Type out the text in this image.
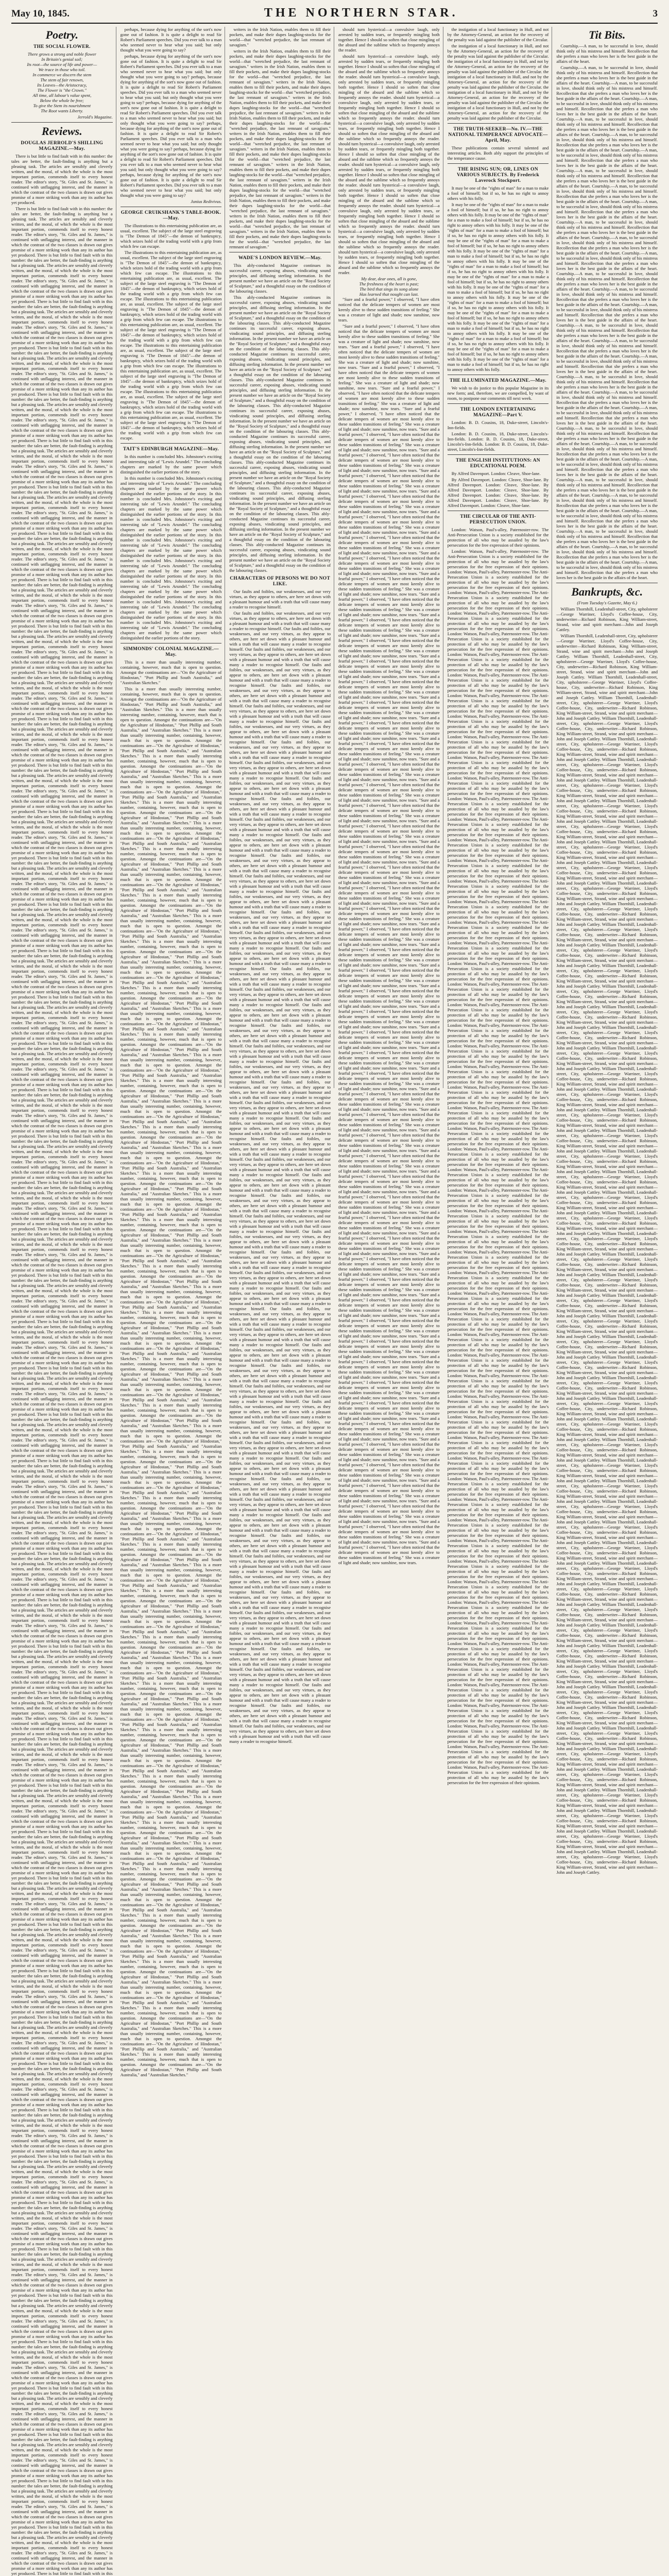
May 10, 1845.	THE NORTHERN STAR.	3
Poetry.
THE SOCIAL FLOWER.
There grows a strong and noble flower
In Britain's genial soil;
Its root—the source of life and power—
We trace in those who toil.
In commerce we discern the stem
The stem of fair renown,
Its Leaves—the Aristocracy,
The Flower is "the Crown."
All time, all labour's value spent,
Below the whole be free;
To give the Stem its nourishment
The Root wants Liberty.
Jerrold's Magazine.
Reviews.
DOUGLAS JERROLD'S SHILLING MAGAZINE.—May.

There is but little to find fault with in this number: the tales are better, the fault-finding is anything but a pleasing task. The articles are sensibly and cleverly written, and the moral, of which the whole is the most important portion, commends itself to every honest reader. The editor's story, "St. Giles and St. James," is continued with unflagging interest, and the manner in which the contrast of the two classes is drawn out gives promise of a more striking work than any its author has yet produced.

There is but little to find fault with in this number: the tales are better, the fault-finding is anything but a pleasing task. The articles are sensibly and cleverly written, and the moral, of which the whole is the most important portion, commends itself to every honest reader. The editor's story, "St. Giles and St. James," is continued with unflagging interest, and the manner in which the contrast of the two classes is drawn out gives promise of a more striking work than any its author has yet produced. There is but little to find fault with in this number: the tales are better, the fault-finding is anything but a pleasing task. The articles are sensibly and cleverly written, and the moral, of which the whole is the most important portion, commends itself to every honest reader. The editor's story, "St. Giles and St. James," is continued with unflagging interest, and the manner in which the contrast of the two classes is drawn out gives promise of a more striking work than any its author has yet produced. There is but little to find fault with in this number: the tales are better, the fault-finding is anything but a pleasing task. The articles are sensibly and cleverly written, and the moral, of which the whole is the most important portion, commends itself to every honest reader. The editor's story, "St. Giles and St. James," is continued with unflagging interest, and the manner in which the contrast of the two classes is drawn out gives promise of a more striking work than any its author has yet produced. There is but little to find fault with in this number: the tales are better, the fault-finding is anything but a pleasing task. The articles are sensibly and cleverly written, and the moral, of which the whole is the most important portion, commends itself to every honest reader. The editor's story, "St. Giles and St. James," is continued with unflagging interest, and the manner in which the contrast of the two classes is drawn out gives promise of a more striking work than any its author has yet produced. There is but little to find fault with in this number: the tales are better, the fault-finding is anything but a pleasing task. The articles are sensibly and cleverly written, and the moral, of which the whole is the most important portion, commends itself to every honest reader. The editor's story, "St. Giles and St. James," is continued with unflagging interest, and the manner in which the contrast of the two classes is drawn out gives promise of a more striking work than any its author has yet produced. There is but little to find fault with in this number: the tales are better, the fault-finding is anything but a pleasing task. The articles are sensibly and cleverly written, and the moral, of which the whole is the most important portion, commends itself to every honest reader. The editor's story, "St. Giles and St. James," is continued with unflagging interest, and the manner in which the contrast of the two classes is drawn out gives promise of a more striking work than any its author has yet produced. There is but little to find fault with in this number: the tales are better, the fault-finding is anything but a pleasing task. The articles are sensibly and cleverly written, and the moral, of which the whole is the most important portion, commends itself to every honest reader. The editor's story, "St. Giles and St. James," is continued with unflagging interest, and the manner in which the contrast of the two classes is drawn out gives promise of a more striking work than any its author has yet produced. There is but little to find fault with in this number: the tales are better, the fault-finding is anything but a pleasing task. The articles are sensibly and cleverly written, and the moral, of which the whole is the most important portion, commends itself to every honest reader. The editor's story, "St. Giles and St. James," is continued with unflagging interest, and the manner in which the contrast of the two classes is drawn out gives promise of a more striking work than any its author has yet produced. There is but little to find fault with in this number: the tales are better, the fault-finding is anything but a pleasing task. The articles are sensibly and cleverly written, and the moral, of which the whole is the most important portion, commends itself to every honest reader. The editor's story, "St. Giles and St. James," is continued with unflagging interest, and the manner in which the contrast of the two classes is drawn out gives promise of a more striking work than any its author has yet produced. There is but little to find fault with in this number: the tales are better, the fault-finding is anything but a pleasing task. The articles are sensibly and cleverly written, and the moral, of which the whole is the most important portion, commends itself to every honest reader. The editor's story, "St. Giles and St. James," is continued with unflagging interest, and the manner in which the contrast of the two classes is drawn out gives promise of a more striking work than any its author has yet produced. There is but little to find fault with in this number: the tales are better, the fault-finding is anything but a pleasing task. The articles are sensibly and cleverly written, and the moral, of which the whole is the most important portion, commends itself to every honest reader. The editor's story, "St. Giles and St. James," is continued with unflagging interest, and the manner in which the contrast of the two classes is drawn out gives promise of a more striking work than any its author has yet produced. There is but little to find fault with in this number: the tales are better, the fault-finding is anything but a pleasing task. The articles are sensibly and cleverly written, and the moral, of which the whole is the most important portion, commends itself to every honest reader. The editor's story, "St. Giles and St. James," is continued with unflagging interest, and the manner in which the contrast of the two classes is drawn out gives promise of a more striking work than any its author has yet produced. There is but little to find fault with in this number: the tales are better, the fault-finding is anything but a pleasing task. The articles are sensibly and cleverly written, and the moral, of which the whole is the most important portion, commends itself to every honest reader. The editor's story, "St. Giles and St. James," is continued with unflagging interest, and the manner in which the contrast of the two classes is drawn out gives promise of a more striking work than any its author has yet produced. There is but little to find fault with in this number: the tales are better, the fault-finding is anything but a pleasing task. The articles are sensibly and cleverly written, and the moral, of which the whole is the most important portion, commends itself to every honest reader. The editor's story, "St. Giles and St. James," is continued with unflagging interest, and the manner in which the contrast of the two classes is drawn out gives promise of a more striking work than any its author has yet produced. There is but little to find fault with in this number: the tales are better, the fault-finding is anything but a pleasing task. The articles are sensibly and cleverly written, and the moral, of which the whole is the most important portion, commends itself to every honest reader. The editor's story, "St. Giles and St. James," is continued with unflagging interest, and the manner in which the contrast of the two classes is drawn out gives promise of a more striking work than any its author has yet produced. There is but little to find fault with in this number: the tales are better, the fault-finding is anything but a pleasing task. The articles are sensibly and cleverly written, and the moral, of which the whole is the most important portion, commends itself to every honest reader. The editor's story, "St. Giles and St. James," is continued with unflagging interest, and the manner in which the contrast of the two classes is drawn out gives promise of a more striking work than any its author has yet produced. There is but little to find fault with in this number: the tales are better, the fault-finding is anything but a pleasing task. The articles are sensibly and cleverly written, and the moral, of which the whole is the most important portion, commends itself to every honest reader. The editor's story, "St. Giles and St. James," is continued with unflagging interest, and the manner in which the contrast of the two classes is drawn out gives promise of a more striking work than any its author has yet produced. There is but little to find fault with in this number: the tales are better, the fault-finding is anything but a pleasing task. The articles are sensibly and cleverly written, and the moral, of which the whole is the most important portion, commends itself to every honest reader. The editor's story, "St. Giles and St. James," is continued with unflagging interest, and the manner in which the contrast of the two classes is drawn out gives promise of a more striking work than any its author has yet produced. There is but little to find fault with in this number: the tales are better, the fault-finding is anything but a pleasing task. The articles are sensibly and cleverly written, and the moral, of which the whole is the most important portion, commends itself to every honest reader. The editor's story, "St. Giles and St. James," is continued with unflagging interest, and the manner in which the contrast of the two classes is drawn out gives promise of a more striking work than any its author has yet produced. There is but little to find fault with in this number: the tales are better, the fault-finding is anything but a pleasing task. The articles are sensibly and cleverly written, and the moral, of which the whole is the most important portion, commends itself to every honest reader. The editor's story, "St. Giles and St. James," is continued with unflagging interest, and the manner in which the contrast of the two classes is drawn out gives promise of a more striking work than any its author has yet produced. There is but little to find fault with in this number: the tales are better, the fault-finding is anything but a pleasing task. The articles are sensibly and cleverly written, and the moral, of which the whole is the most important portion, commends itself to every honest reader. The editor's story, "St. Giles and St. James," is continued with unflagging interest, and the manner in which the contrast of the two classes is drawn out gives promise of a more striking work than any its author has yet produced. There is but little to find fault with in this number: the tales are better, the fault-finding is anything but a pleasing task. The articles are sensibly and cleverly written, and the moral, of which the whole is the most important portion, commends itself to every honest reader. The editor's story, "St. Giles and St. James," is continued with unflagging interest, and the manner in which the contrast of the two classes is drawn out gives promise of a more striking work than any its author has yet produced. There is but little to find fault with in this number: the tales are better, the fault-finding is anything but a pleasing task. The articles are sensibly and cleverly written, and the moral, of which the whole is the most important portion, commends itself to every honest reader. The editor's story, "St. Giles and St. James," is continued with unflagging interest, and the manner in which the contrast of the two classes is drawn out gives promise of a more striking work than any its author has yet produced. There is but little to find fault with in this number: the tales are better, the fault-finding is anything but a pleasing task. The articles are sensibly and cleverly written, and the moral, of which the whole is the most important portion, commends itself to every honest reader. The editor's story, "St. Giles and St. James," is continued with unflagging interest, and the manner in which the contrast of the two classes is drawn out gives promise of a more striking work than any its author has yet produced. There is but little to find fault with in this number: the tales are better, the fault-finding is anything but a pleasing task. The articles are sensibly and cleverly written, and the moral, of which the whole is the most important portion, commends itself to every honest reader. The editor's story, "St. Giles and St. James," is continued with unflagging interest, and the manner in which the contrast of the two classes is drawn out gives promise of a more striking work than any its author has yet produced. There is but little to find fault with in this number: the tales are better, the fault-finding is anything but a pleasing task. The articles are sensibly and cleverly written, and the moral, of which the whole is the most important portion, commends itself to every honest reader. The editor's story, "St. Giles and St. James," is continued with unflagging interest, and the manner in which the contrast of the two classes is drawn out gives promise of a more striking work than any its author has yet produced. There is but little to find fault with in this number: the tales are better, the fault-finding is anything but a pleasing task. The articles are sensibly and cleverly written, and the moral, of which the whole is the most important portion, commends itself to every honest reader. The editor's story, "St. Giles and St. James," is continued with unflagging interest, and the manner in which the contrast of the two classes is drawn out gives promise of a more striking work than any its author has yet produced. There is but little to find fault with in this number: the tales are better, the fault-finding is anything but a pleasing task. The articles are sensibly and cleverly written, and the moral, of which the whole is the most important portion, commends itself to every honest reader. The editor's story, "St. Giles and St. James," is continued with unflagging interest, and the manner in which the contrast of the two classes is drawn out gives promise of a more striking work than any its author has yet produced. There is but little to find fault with in this number: the tales are better, the fault-finding is anything but a pleasing task. The articles are sensibly and cleverly written, and the moral, of which the whole is the most important portion, commends itself to every honest reader. The editor's story, "St. Giles and St. James," is continued with unflagging interest, and the manner in which the contrast of the two classes is drawn out gives promise of a more striking work than any its author has yet produced. There is but little to find fault with in this number: the tales are better, the fault-finding is anything but a pleasing task. The articles are sensibly and cleverly written, and the moral, of which the whole is the most important portion, commends itself to every honest reader. The editor's story, "St. Giles and St. James," is continued with unflagging interest, and the manner in which the contrast of the two classes is drawn out gives promise of a more striking work than any its author has yet produced. There is but little to find fault with in this number: the tales are better, the fault-finding is anything but a pleasing task. The articles are sensibly and cleverly written, and the moral, of which the whole is the most important portion, commends itself to every honest reader. The editor's story, "St. Giles and St. James," is continued with unflagging interest, and the manner in which the contrast of the two classes is drawn out gives promise of a more striking work than any its author has yet produced. There is but little to find fault with in this number: the tales are better, the fault-finding is anything but a pleasing task. The articles are sensibly and cleverly written, and the moral, of which the whole is the most important portion, commends itself to every honest reader. The editor's story, "St. Giles and St. James," is continued with unflagging interest, and the manner in which the contrast of the two classes is drawn out gives promise of a more striking work than any its author has yet produced. There is but little to find fault with in this number: the tales are better, the fault-finding is anything but a pleasing task. The articles are sensibly and cleverly written, and the moral, of which the whole is the most important portion, commends itself to every honest reader. The editor's story, "St. Giles and St. James," is continued with unflagging interest, and the manner in which the contrast of the two classes is drawn out gives promise of a more striking work than any its author has yet produced. There is but little to find fault with in this number: the tales are better, the fault-finding is anything but a pleasing task. The articles are sensibly and cleverly written, and the moral, of which the whole is the most important portion, commends itself to every honest reader. The editor's story, "St. Giles and St. James," is continued with unflagging interest, and the manner in which the contrast of the two classes is drawn out gives promise of a more striking work than any its author has yet produced. There is but little to find fault with in this number: the tales are better, the fault-finding is anything but a pleasing task. The articles are sensibly and cleverly written, and the moral, of which the whole is the most important portion, commends itself to every honest reader. The editor's story, "St. Giles and St. James," is continued with unflagging interest, and the manner in which the contrast of the two classes is drawn out gives promise of a more striking work than any its author has yet produced. There is but little to find fault with in this number: the tales are better, the fault-finding is anything but a pleasing task. The articles are sensibly and cleverly written, and the moral, of which the whole is the most important portion, commends itself to every honest reader. The editor's story, "St. Giles and St. James," is continued with unflagging interest, and the manner in which the contrast of the two classes is drawn out gives promise of a more striking work than any its author has yet produced. There is but little to find fault with in this number: the tales are better, the fault-finding is anything but a pleasing task. The articles are sensibly and cleverly written, and the moral, of which the whole is the most important portion, commends itself to every honest reader. The editor's story, "St. Giles and St. James," is continued with unflagging interest, and the manner in which the contrast of the two classes is drawn out gives promise of a more striking work than any its author has yet produced. There is but little to find fault with in this number: the tales are better, the fault-finding is anything but a pleasing task. The articles are sensibly and cleverly written, and the moral, of which the whole is the most important portion, commends itself to every honest reader. The editor's story, "St. Giles and St. James," is continued with unflagging interest, and the manner in which the contrast of the two classes is drawn out gives promise of a more striking work than any its author has yet produced. There is but little to find fault with in this number: the tales are better, the fault-finding is anything but a pleasing task. The articles are sensibly and cleverly written, and the moral, of which the whole is the most important portion, commends itself to every honest reader. The editor's story, "St. Giles and St. James," is continued with unflagging interest, and the manner in which the contrast of the two classes is drawn out gives promise of a more striking work than any its author has yet produced. There is but little to find fault with in this number: the tales are better, the fault-finding is anything but a pleasing task. The articles are sensibly and cleverly written, and the moral, of which the whole is the most important portion, commends itself to every honest reader. The editor's story, "St. Giles and St. James," is continued with unflagging interest, and the manner in which the contrast of the two classes is drawn out gives promise of a more striking work than any its author has yet produced. There is but little to find fault with in this number: the tales are better, the fault-finding is anything but a pleasing task. The articles are sensibly and cleverly written, and the moral, of which the whole is the most important portion, commends itself to every honest reader. The editor's story, "St. Giles and St. James," is continued with unflagging interest, and the manner in which the contrast of the two classes is drawn out gives promise of a more striking work than any its author has yet produced. There is but little to find fault with in this number: the tales are better, the fault-finding is anything but a pleasing task. The articles are sensibly and cleverly written, and the moral, of which the whole is the most important portion, commends itself to every honest reader. The editor's story, "St. Giles and St. James," is continued with unflagging interest, and the manner in which the contrast of the two classes is drawn out gives promise of a more striking work than any its author has yet produced. There is but little to find fault with in this number: the tales are better, the fault-finding is anything but a pleasing task. The articles are sensibly and cleverly written, and the moral, of which the whole is the most important portion, commends itself to every honest reader. The editor's story, "St. Giles and St. James," is continued with unflagging interest, and the manner in which the contrast of the two classes is drawn out gives promise of a more striking work than any its author has yet produced. There is but little to find fault with in this number: the tales are better, the fault-finding is anything but a pleasing task. The articles are sensibly and cleverly written, and the moral, of which the whole is the most important portion, commends itself to every honest reader. The editor's story, "St. Giles and St. James," is continued with unflagging interest, and the manner in which the contrast of the two classes is drawn out gives promise of a more striking work than any its author has yet produced. There is but little to find fault with in this number: the tales are better, the fault-finding is anything but a pleasing task. The articles are sensibly and cleverly written, and the moral, of which the whole is the most important portion, commends itself to every honest reader. The editor's story, "St. Giles and St. James," is continued with unflagging interest, and the manner in which the contrast of the two classes is drawn out gives promise of a more striking work than any its author has yet produced. There is but little to find fault with in this number: the tales are better, the fault-finding is anything but a pleasing task. The articles are sensibly and cleverly written, and the moral, of which the whole is the most important portion, commends itself to every honest reader. The editor's story, "St. Giles and St. James," is continued with unflagging interest, and the manner in which the contrast of the two classes is drawn out gives promise of a more striking work than any its author has yet produced. There is but little to find fault with in this number: the tales are better, the fault-finding is anything but a pleasing task. The articles are sensibly and cleverly written, and the moral, of which the whole is the most important portion, commends itself to every honest reader. The editor's story, "St. Giles and St. James," is continued with unflagging interest, and the manner in which the contrast of the two classes is drawn out gives promise of a more striking work than any its author has yet produced. There is but little to find fault with in this number: the tales are better, the fault-finding is anything but a pleasing task. The articles are sensibly and cleverly written, and the moral, of which the whole is the most important portion, commends itself to every honest reader. The editor's story, "St. Giles and St. James," is continued with unflagging interest, and the manner in which the contrast of the two classes is drawn out gives promise of a more striking work than any its author has yet produced. There is but little to find fault with in this number: the tales are better, the fault-finding is anything but a pleasing task. The articles are sensibly and cleverly written, and the moral, of which the whole is the most important portion, commends itself to every honest reader. The editor's story, "St. Giles and St. James," is continued with unflagging interest, and the manner in which the contrast of the two classes is drawn out gives promise of a more striking work than any its author has yet produced. There is but little to find fault with in this number: the tales are better, the fault-finding is anything but a pleasing task. The articles are sensibly and cleverly written, and the moral, of which the whole is the most important portion, commends itself to every honest reader. The editor's story, "St. Giles and St. James," is continued with unflagging interest, and the manner in which the contrast of the two classes is drawn out gives promise of a more striking work than any its author has yet produced. There is but little to find fault with in this number: the tales are better, the fault-finding is anything but a pleasing task. The articles are sensibly and cleverly written, and the moral, of which the whole is the most important portion, commends itself to every honest reader. The editor's story, "St. Giles and St. James," is continued with unflagging interest, and the manner in which the contrast of the two classes is drawn out gives promise of a more striking work than any its author has yet produced. There is but little to find fault with in this

perhaps, because dying for anything of the sort's now gone out of fashion. It is quite a delight to read Sir Robert's Parliament speeches. Did you ever talk to a man who seemed never to hear what you said; but only thought what you were going to say?

perhaps, because dying for anything of the sort's now gone out of fashion. It is quite a delight to read Sir Robert's Parliament speeches. Did you ever talk to a man who seemed never to hear what you said; but only thought what you were going to say? perhaps, because dying for anything of the sort's now gone out of fashion. It is quite a delight to read Sir Robert's Parliament speeches. Did you ever talk to a man who seemed never to hear what you said; but only thought what you were going to say? perhaps, because dying for anything of the sort's now gone out of fashion. It is quite a delight to read Sir Robert's Parliament speeches. Did you ever talk to a man who seemed never to hear what you said; but only thought what you were going to say? perhaps, because dying for anything of the sort's now gone out of fashion. It is quite a delight to read Sir Robert's Parliament speeches. Did you ever talk to a man who seemed never to hear what you said; but only thought what you were going to say? perhaps, because dying for anything of the sort's now gone out of fashion. It is quite a delight to read Sir Robert's Parliament speeches. Did you ever talk to a man who seemed never to hear what you said; but only thought what you were going to say? perhaps, because dying for anything of the sort's now gone out of fashion. It is quite a delight to read Sir Robert's Parliament speeches. Did you ever talk to a man who seemed never to hear what you said; but only thought what you were going to say?

Junius Redivivus.
GEORGE CRUIKSHANK'S TABLE-BOOK.—May.

The illustrations to this entertaining publication are, as usual, excellent. The subject of the large steel engraving is "The Demon of 1845"—the demon of bankruptcy, which seizes hold of the trading world with a grip from which few can escape.

The illustrations to this entertaining publication are, as usual, excellent. The subject of the large steel engraving is "The Demon of 1845"—the demon of bankruptcy, which seizes hold of the trading world with a grip from which few can escape. The illustrations to this entertaining publication are, as usual, excellent. The subject of the large steel engraving is "The Demon of 1845"—the demon of bankruptcy, which seizes hold of the trading world with a grip from which few can escape. The illustrations to this entertaining publication are, as usual, excellent. The subject of the large steel engraving is "The Demon of 1845"—the demon of bankruptcy, which seizes hold of the trading world with a grip from which few can escape. The illustrations to this entertaining publication are, as usual, excellent. The subject of the large steel engraving is "The Demon of 1845"—the demon of bankruptcy, which seizes hold of the trading world with a grip from which few can escape. The illustrations to this entertaining publication are, as usual, excellent. The subject of the large steel engraving is "The Demon of 1845"—the demon of bankruptcy, which seizes hold of the trading world with a grip from which few can escape. The illustrations to this entertaining publication are, as usual, excellent. The subject of the large steel engraving is "The Demon of 1845"—the demon of bankruptcy, which seizes hold of the trading world with a grip from which few can escape. The illustrations to this entertaining publication are, as usual, excellent. The subject of the large steel engraving is "The Demon of 1845"—the demon of bankruptcy, which seizes hold of the trading world with a grip from which few can escape. The illustrations to this entertaining publication are, as usual, excellent. The subject of the large steel engraving is "The Demon of 1845"—the demon of bankruptcy, which seizes hold of the trading world with a grip from which few can escape.

TAIT'S EDINBURGH MAGAZINE—May.

In this number is concluded Mrs. Johnstone's exciting and interesting tale of "Lewis Arundel." The concluding chapters are marked by the same power which distinguished the earlier portions of the story.

In this number is concluded Mrs. Johnstone's exciting and interesting tale of "Lewis Arundel." The concluding chapters are marked by the same power which distinguished the earlier portions of the story. In this number is concluded Mrs. Johnstone's exciting and interesting tale of "Lewis Arundel." The concluding chapters are marked by the same power which distinguished the earlier portions of the story. In this number is concluded Mrs. Johnstone's exciting and interesting tale of "Lewis Arundel." The concluding chapters are marked by the same power which distinguished the earlier portions of the story. In this number is concluded Mrs. Johnstone's exciting and interesting tale of "Lewis Arundel." The concluding chapters are marked by the same power which distinguished the earlier portions of the story. In this number is concluded Mrs. Johnstone's exciting and interesting tale of "Lewis Arundel." The concluding chapters are marked by the same power which distinguished the earlier portions of the story. In this number is concluded Mrs. Johnstone's exciting and interesting tale of "Lewis Arundel." The concluding chapters are marked by the same power which distinguished the earlier portions of the story. In this number is concluded Mrs. Johnstone's exciting and interesting tale of "Lewis Arundel." The concluding chapters are marked by the same power which distinguished the earlier portions of the story. In this number is concluded Mrs. Johnstone's exciting and interesting tale of "Lewis Arundel." The concluding chapters are marked by the same power which distinguished the earlier portions of the story.

SIMMONDS' COLONIAL MAGAZINE.—May.

This is a more than usually interesting number, containing, however, much that is open to question. Amongst the continuations are—"On the Agriculture of Hindostan," "Port Phillip and South Australia," and "Australian Sketches."

This is a more than usually interesting number, containing, however, much that is open to question. Amongst the continuations are—"On the Agriculture of Hindostan," "Port Phillip and South Australia," and "Australian Sketches." This is a more than usually interesting number, containing, however, much that is open to question. Amongst the continuations are—"On the Agriculture of Hindostan," "Port Phillip and South Australia," and "Australian Sketches." This is a more than usually interesting number, containing, however, much that is open to question. Amongst the continuations are—"On the Agriculture of Hindostan," "Port Phillip and South Australia," and "Australian Sketches." This is a more than usually interesting number, containing, however, much that is open to question. Amongst the continuations are—"On the Agriculture of Hindostan," "Port Phillip and South Australia," and "Australian Sketches." This is a more than usually interesting number, containing, however, much that is open to question. Amongst the continuations are—"On the Agriculture of Hindostan," "Port Phillip and South Australia," and "Australian Sketches." This is a more than usually interesting number, containing, however, much that is open to question. Amongst the continuations are—"On the Agriculture of Hindostan," "Port Phillip and South Australia," and "Australian Sketches." This is a more than usually interesting number, containing, however, much that is open to question. Amongst the continuations are—"On the Agriculture of Hindostan," "Port Phillip and South Australia," and "Australian Sketches." This is a more than usually interesting number, containing, however, much that is open to question. Amongst the continuations are—"On the Agriculture of Hindostan," "Port Phillip and South Australia," and "Australian Sketches." This is a more than usually interesting number, containing, however, much that is open to question. Amongst the continuations are—"On the Agriculture of Hindostan," "Port Phillip and South Australia," and "Australian Sketches." This is a more than usually interesting number, containing, however, much that is open to question. Amongst the continuations are—"On the Agriculture of Hindostan," "Port Phillip and South Australia," and "Australian Sketches." This is a more than usually interesting number, containing, however, much that is open to question. Amongst the continuations are—"On the Agriculture of Hindostan," "Port Phillip and South Australia," and "Australian Sketches." This is a more than usually interesting number, containing, however, much that is open to question. Amongst the continuations are—"On the Agriculture of Hindostan," "Port Phillip and South Australia," and "Australian Sketches." This is a more than usually interesting number, containing, however, much that is open to question. Amongst the continuations are—"On the Agriculture of Hindostan," "Port Phillip and South Australia," and "Australian Sketches." This is a more than usually interesting number, containing, however, much that is open to question. Amongst the continuations are—"On the Agriculture of Hindostan," "Port Phillip and South Australia," and "Australian Sketches." This is a more than usually interesting number, containing, however, much that is open to question. Amongst the continuations are—"On the Agriculture of Hindostan," "Port Phillip and South Australia," and "Australian Sketches." This is a more than usually interesting number, containing, however, much that is open to question. Amongst the continuations are—"On the Agriculture of Hindostan," "Port Phillip and South Australia," and "Australian Sketches." This is a more than usually interesting number, containing, however, much that is open to question. Amongst the continuations are—"On the Agriculture of Hindostan," "Port Phillip and South Australia," and "Australian Sketches." This is a more than usually interesting number, containing, however, much that is open to question. Amongst the continuations are—"On the Agriculture of Hindostan," "Port Phillip and South Australia," and "Australian Sketches." This is a more than usually interesting number, containing, however, much that is open to question. Amongst the continuations are—"On the Agriculture of Hindostan," "Port Phillip and South Australia," and "Australian Sketches." This is a more than usually interesting number, containing, however, much that is open to question. Amongst the continuations are—"On the Agriculture of Hindostan," "Port Phillip and South Australia," and "Australian Sketches." This is a more than usually interesting number, containing, however, much that is open to question. Amongst the continuations are—"On the Agriculture of Hindostan," "Port Phillip and South Australia," and "Australian Sketches." This is a more than usually interesting number, containing, however, much that is open to question. Amongst the continuations are—"On the Agriculture of Hindostan," "Port Phillip and South Australia," and "Australian Sketches." This is a more than usually interesting number, containing, however, much that is open to question. Amongst the continuations are—"On the Agriculture of Hindostan," "Port Phillip and South Australia," and "Australian Sketches." This is a more than usually interesting number, containing, however, much that is open to question. Amongst the continuations are—"On the Agriculture of Hindostan," "Port Phillip and South Australia," and "Australian Sketches." This is a more than usually interesting number, containing, however, much that is open to question. Amongst the continuations are—"On the Agriculture of Hindostan," "Port Phillip and South Australia," and "Australian Sketches." This is a more than usually interesting number, containing, however, much that is open to question. Amongst the continuations are—"On the Agriculture of Hindostan," "Port Phillip and South Australia," and "Australian Sketches." This is a more than usually interesting number, containing, however, much that is open to question. Amongst the continuations are—"On the Agriculture of Hindostan," "Port Phillip and South Australia," and "Australian Sketches." This is a more than usually interesting number, containing, however, much that is open to question. Amongst the continuations are—"On the Agriculture of Hindostan," "Port Phillip and South Australia," and "Australian Sketches." This is a more than usually interesting number, containing, however, much that is open to question. Amongst the continuations are—"On the Agriculture of Hindostan," "Port Phillip and South Australia," and "Australian Sketches." This is a more than usually interesting number, containing, however, much that is open to question. Amongst the continuations are—"On the Agriculture of Hindostan," "Port Phillip and South Australia," and "Australian Sketches." This is a more than usually interesting number, containing, however, much that is open to question. Amongst the continuations are—"On the Agriculture of Hindostan," "Port Phillip and South Australia," and "Australian Sketches." This is a more than usually interesting number, containing, however, much that is open to question. Amongst the continuations are—"On the Agriculture of Hindostan," "Port Phillip and South Australia," and "Australian Sketches." This is a more than usually interesting number, containing, however, much that is open to question. Amongst the continuations are—"On the Agriculture of Hindostan," "Port Phillip and South Australia," and "Australian Sketches." This is a more than usually interesting number, containing, however, much that is open to question. Amongst the continuations are—"On the Agriculture of Hindostan," "Port Phillip and South Australia," and "Australian Sketches." This is a more than usually interesting number, containing, however, much that is open to question. Amongst the continuations are—"On the Agriculture of Hindostan," "Port Phillip and South Australia," and "Australian Sketches." This is a more than usually interesting number, containing, however, much that is open to question. Amongst the continuations are—"On the Agriculture of Hindostan," "Port Phillip and South Australia," and "Australian Sketches." This is a more than usually interesting number, containing, however, much that is open to question. Amongst the continuations are—"On the Agriculture of Hindostan," "Port Phillip and South Australia," and "Australian Sketches." This is a more than usually interesting number, containing, however, much that is open to question. Amongst the continuations are—"On the Agriculture of Hindostan," "Port Phillip and South Australia," and "Australian Sketches." This is a more than usually interesting number, containing, however, much that is open to question. Amongst the continuations are—"On the Agriculture of Hindostan," "Port Phillip and South Australia," and "Australian Sketches." This is a more than usually interesting number, containing, however, much that is open to question. Amongst the continuations are—"On the Agriculture of Hindostan," "Port Phillip and South Australia," and "Australian Sketches." This is a more than usually interesting number, containing, however, much that is open to question. Amongst the continuations are—"On the Agriculture of Hindostan," "Port Phillip and South Australia," and "Australian Sketches." This is a more than usually interesting number, containing, however, much that is open to question. Amongst the continuations are—"On the Agriculture of Hindostan," "Port Phillip and South Australia," and "Australian Sketches." This is a more than usually interesting number, containing, however, much that is open to question. Amongst the continuations are—"On the Agriculture of Hindostan," "Port Phillip and South Australia," and "Australian Sketches." This is a more than usually interesting number, containing, however, much that is open to question. Amongst the continuations are—"On the Agriculture of Hindostan," "Port Phillip and South Australia," and "Australian Sketches." This is a more than usually interesting number, containing, however, much that is open to question. Amongst the continuations are—"On the Agriculture of Hindostan," "Port Phillip and South Australia," and "Australian Sketches." This is a more than usually interesting number, containing, however, much that is open to question. Amongst the continuations are—"On the Agriculture of Hindostan," "Port Phillip and South Australia," and "Australian Sketches." This is a more than usually interesting number, containing, however, much that is open to question. Amongst the continuations are—"On the Agriculture of Hindostan," "Port Phillip and South Australia," and "Australian Sketches." This is a more than usually interesting number, containing, however, much that is open to question. Amongst the continuations are—"On the Agriculture of Hindostan," "Port Phillip and South Australia," and "Australian Sketches." This is a more than usually interesting number, containing, however, much that is open to question. Amongst the continuations are—"On the Agriculture of Hindostan," "Port Phillip and South Australia," and "Australian Sketches." This is a more than usually interesting number, containing, however, much that is open to question. Amongst the continuations are—"On the Agriculture of Hindostan," "Port Phillip and South Australia," and "Australian Sketches." This is a more than usually interesting number, containing, however, much that is open to question. Amongst the continuations are—"On the Agriculture of Hindostan," "Port Phillip and South Australia," and "Australian Sketches." This is a more than usually interesting number, containing, however, much that is open to question. Amongst the continuations are—"On the Agriculture of Hindostan," "Port Phillip and South Australia," and "Australian Sketches." This is a more than usually interesting number, containing, however, much that is open to question. Amongst the continuations are—"On the Agriculture of Hindostan," "Port Phillip and South Australia," and "Australian Sketches." This is a more than usually interesting number, containing, however, much that is open to question. Amongst the continuations are—"On the Agriculture of Hindostan," "Port Phillip and South Australia," and "Australian Sketches." This is a more than usually interesting number, containing, however, much that is open to question. Amongst the continuations are—"On the Agriculture of Hindostan," "Port Phillip and South Australia," and "Australian Sketches." This is a more than usually interesting number, containing, however, much that is open to question. Amongst the continuations are—"On the Agriculture of Hindostan," "Port Phillip and South Australia," and "Australian Sketches." This is a more than usually interesting number, containing, however, much that is open to question. Amongst the continuations are—"On the Agriculture of Hindostan," "Port Phillip and South Australia," and "Australian Sketches." This is a more than usually interesting number, containing, however, much that is open to question. Amongst the continuations are—"On the Agriculture of Hindostan," "Port Phillip and South Australia," and "Australian Sketches." This is a more than usually interesting number, containing, however, much that is open to question. Amongst the continuations are—"On the Agriculture of Hindostan," "Port Phillip and South Australia," and "Australian Sketches." This is a more than usually interesting number, containing, however, much that is open to question. Amongst the continuations are—"On the Agriculture of Hindostan," "Port Phillip and South Australia," and "Australian Sketches."

writers in the Irish Nation, enables them to fill their pockets, and make their dupes laughing-stocks for the world—that "wretched prejudice, the last remnant of savagism."

writers in the Irish Nation, enables them to fill their pockets, and make their dupes laughing-stocks for the world—that "wretched prejudice, the last remnant of savagism." writers in the Irish Nation, enables them to fill their pockets, and make their dupes laughing-stocks for the world—that "wretched prejudice, the last remnant of savagism." writers in the Irish Nation, enables them to fill their pockets, and make their dupes laughing-stocks for the world—that "wretched prejudice, the last remnant of savagism." writers in the Irish Nation, enables them to fill their pockets, and make their dupes laughing-stocks for the world—that "wretched prejudice, the last remnant of savagism." writers in the Irish Nation, enables them to fill their pockets, and make their dupes laughing-stocks for the world—that "wretched prejudice, the last remnant of savagism." writers in the Irish Nation, enables them to fill their pockets, and make their dupes laughing-stocks for the world—that "wretched prejudice, the last remnant of savagism." writers in the Irish Nation, enables them to fill their pockets, and make their dupes laughing-stocks for the world—that "wretched prejudice, the last remnant of savagism." writers in the Irish Nation, enables them to fill their pockets, and make their dupes laughing-stocks for the world—that "wretched prejudice, the last remnant of savagism." writers in the Irish Nation, enables them to fill their pockets, and make their dupes laughing-stocks for the world—that "wretched prejudice, the last remnant of savagism." writers in the Irish Nation, enables them to fill their pockets, and make their dupes laughing-stocks for the world—that "wretched prejudice, the last remnant of savagism." writers in the Irish Nation, enables them to fill their pockets, and make their dupes laughing-stocks for the world—that "wretched prejudice, the last remnant of savagism." writers in the Irish Nation, enables them to fill their pockets, and make their dupes laughing-stocks for the world—that "wretched prejudice, the last remnant of savagism."

WADE'S LONDON REVIEW.—May.

This ably-conducted Magazine continues its successful career, exposing abuses, vindicating sound principles, and diffusing sterling information. In the present number we have an article on the "Royal Society of Sculpture," and a thoughtful essay on the condition of the labouring classes.

This ably-conducted Magazine continues its successful career, exposing abuses, vindicating sound principles, and diffusing sterling information. In the present number we have an article on the "Royal Society of Sculpture," and a thoughtful essay on the condition of the labouring classes. This ably-conducted Magazine continues its successful career, exposing abuses, vindicating sound principles, and diffusing sterling information. In the present number we have an article on the "Royal Society of Sculpture," and a thoughtful essay on the condition of the labouring classes. This ably-conducted Magazine continues its successful career, exposing abuses, vindicating sound principles, and diffusing sterling information. In the present number we have an article on the "Royal Society of Sculpture," and a thoughtful essay on the condition of the labouring classes. This ably-conducted Magazine continues its successful career, exposing abuses, vindicating sound principles, and diffusing sterling information. In the present number we have an article on the "Royal Society of Sculpture," and a thoughtful essay on the condition of the labouring classes. This ably-conducted Magazine continues its successful career, exposing abuses, vindicating sound principles, and diffusing sterling information. In the present number we have an article on the "Royal Society of Sculpture," and a thoughtful essay on the condition of the labouring classes. This ably-conducted Magazine continues its successful career, exposing abuses, vindicating sound principles, and diffusing sterling information. In the present number we have an article on the "Royal Society of Sculpture," and a thoughtful essay on the condition of the labouring classes. This ably-conducted Magazine continues its successful career, exposing abuses, vindicating sound principles, and diffusing sterling information. In the present number we have an article on the "Royal Society of Sculpture," and a thoughtful essay on the condition of the labouring classes. This ably-conducted Magazine continues its successful career, exposing abuses, vindicating sound principles, and diffusing sterling information. In the present number we have an article on the "Royal Society of Sculpture," and a thoughtful essay on the condition of the labouring classes. This ably-conducted Magazine continues its successful career, exposing abuses, vindicating sound principles, and diffusing sterling information. In the present number we have an article on the "Royal Society of Sculpture," and a thoughtful essay on the condition of the labouring classes. This ably-conducted Magazine continues its successful career, exposing abuses, vindicating sound principles, and diffusing sterling information. In the present number we have an article on the "Royal Society of Sculpture," and a thoughtful essay on the condition of the labouring classes.

CHARACTERS OF PERSONS WE DO NOT LIKE.

Our faults and foibles, our weaknesses, and our very virtues, as they appear to others, are here set down with a pleasant humour and with a truth that will cause many a reader to recognise himself.

Our faults and foibles, our weaknesses, and our very virtues, as they appear to others, are here set down with a pleasant humour and with a truth that will cause many a reader to recognise himself. Our faults and foibles, our weaknesses, and our very virtues, as they appear to others, are here set down with a pleasant humour and with a truth that will cause many a reader to recognise himself. Our faults and foibles, our weaknesses, and our very virtues, as they appear to others, are here set down with a pleasant humour and with a truth that will cause many a reader to recognise himself. Our faults and foibles, our weaknesses, and our very virtues, as they appear to others, are here set down with a pleasant humour and with a truth that will cause many a reader to recognise himself. Our faults and foibles, our weaknesses, and our very virtues, as they appear to others, are here set down with a pleasant humour and with a truth that will cause many a reader to recognise himself. Our faults and foibles, our weaknesses, and our very virtues, as they appear to others, are here set down with a pleasant humour and with a truth that will cause many a reader to recognise himself. Our faults and foibles, our weaknesses, and our very virtues, as they appear to others, are here set down with a pleasant humour and with a truth that will cause many a reader to recognise himself. Our faults and foibles, our weaknesses, and our very virtues, as they appear to others, are here set down with a pleasant humour and with a truth that will cause many a reader to recognise himself. Our faults and foibles, our weaknesses, and our very virtues, as they appear to others, are here set down with a pleasant humour and with a truth that will cause many a reader to recognise himself. Our faults and foibles, our weaknesses, and our very virtues, as they appear to others, are here set down with a pleasant humour and with a truth that will cause many a reader to recognise himself. Our faults and foibles, our weaknesses, and our very virtues, as they appear to others, are here set down with a pleasant humour and with a truth that will cause many a reader to recognise himself. Our faults and foibles, our weaknesses, and our very virtues, as they appear to others, are here set down with a pleasant humour and with a truth that will cause many a reader to recognise himself. Our faults and foibles, our weaknesses, and our very virtues, as they appear to others, are here set down with a pleasant humour and with a truth that will cause many a reader to recognise himself. Our faults and foibles, our weaknesses, and our very virtues, as they appear to others, are here set down with a pleasant humour and with a truth that will cause many a reader to recognise himself. Our faults and foibles, our weaknesses, and our very virtues, as they appear to others, are here set down with a pleasant humour and with a truth that will cause many a reader to recognise himself. Our faults and foibles, our weaknesses, and our very virtues, as they appear to others, are here set down with a pleasant humour and with a truth that will cause many a reader to recognise himself. Our faults and foibles, our weaknesses, and our very virtues, as they appear to others, are here set down with a pleasant humour and with a truth that will cause many a reader to recognise himself. Our faults and foibles, our weaknesses, and our very virtues, as they appear to others, are here set down with a pleasant humour and with a truth that will cause many a reader to recognise himself. Our faults and foibles, our weaknesses, and our very virtues, as they appear to others, are here set down with a pleasant humour and with a truth that will cause many a reader to recognise himself. Our faults and foibles, our weaknesses, and our very virtues, as they appear to others, are here set down with a pleasant humour and with a truth that will cause many a reader to recognise himself. Our faults and foibles, our weaknesses, and our very virtues, as they appear to others, are here set down with a pleasant humour and with a truth that will cause many a reader to recognise himself. Our faults and foibles, our weaknesses, and our very virtues, as they appear to others, are here set down with a pleasant humour and with a truth that will cause many a reader to recognise himself. Our faults and foibles, our weaknesses, and our very virtues, as they appear to others, are here set down with a pleasant humour and with a truth that will cause many a reader to recognise himself. Our faults and foibles, our weaknesses, and our very virtues, as they appear to others, are here set down with a pleasant humour and with a truth that will cause many a reader to recognise himself. Our faults and foibles, our weaknesses, and our very virtues, as they appear to others, are here set down with a pleasant humour and with a truth that will cause many a reader to recognise himself. Our faults and foibles, our weaknesses, and our very virtues, as they appear to others, are here set down with a pleasant humour and with a truth that will cause many a reader to recognise himself. Our faults and foibles, our weaknesses, and our very virtues, as they appear to others, are here set down with a pleasant humour and with a truth that will cause many a reader to recognise himself. Our faults and foibles, our weaknesses, and our very virtues, as they appear to others, are here set down with a pleasant humour and with a truth that will cause many a reader to recognise himself. Our faults and foibles, our weaknesses, and our very virtues, as they appear to others, are here set down with a pleasant humour and with a truth that will cause many a reader to recognise himself. Our faults and foibles, our weaknesses, and our very virtues, as they appear to others, are here set down with a pleasant humour and with a truth that will cause many a reader to recognise himself. Our faults and foibles, our weaknesses, and our very virtues, as they appear to others, are here set down with a pleasant humour and with a truth that will cause many a reader to recognise himself. Our faults and foibles, our weaknesses, and our very virtues, as they appear to others, are here set down with a pleasant humour and with a truth that will cause many a reader to recognise himself. Our faults and foibles, our weaknesses, and our very virtues, as they appear to others, are here set down with a pleasant humour and with a truth that will cause many a reader to recognise himself. Our faults and foibles, our weaknesses, and our very virtues, as they appear to others, are here set down with a pleasant humour and with a truth that will cause many a reader to recognise himself. Our faults and foibles, our weaknesses, and our very virtues, as they appear to others, are here set down with a pleasant humour and with a truth that will cause many a reader to recognise himself. Our faults and foibles, our weaknesses, and our very virtues, as they appear to others, are here set down with a pleasant humour and with a truth that will cause many a reader to recognise himself. Our faults and foibles, our weaknesses, and our very virtues, as they appear to others, are here set down with a pleasant humour and with a truth that will cause many a reader to recognise himself. Our faults and foibles, our weaknesses, and our very virtues, as they appear to others, are here set down with a pleasant humour and with a truth that will cause many a reader to recognise himself. Our faults and foibles, our weaknesses, and our very virtues, as they appear to others, are here set down with a pleasant humour and with a truth that will cause many a reader to recognise himself. Our faults and foibles, our weaknesses, and our very virtues, as they appear to others, are here set down with a pleasant humour and with a truth that will cause many a reader to recognise himself. Our faults and foibles, our weaknesses, and our very virtues, as they appear to others, are here set down with a pleasant humour and with a truth that will cause many a reader to recognise himself. Our faults and foibles, our weaknesses, and our very virtues, as they appear to others, are here set down with a pleasant humour and with a truth that will cause many a reader to recognise himself. Our faults and foibles, our weaknesses, and our very virtues, as they appear to others, are here set down with a pleasant humour and with a truth that will cause many a reader to recognise himself. Our faults and foibles, our weaknesses, and our very virtues, as they appear to others, are here set down with a pleasant humour and with a truth that will cause many a reader to recognise himself. Our faults and foibles, our weaknesses, and our very virtues, as they appear to others, are here set down with a pleasant humour and with a truth that will cause many a reader to recognise himself. Our faults and foibles, our weaknesses, and our very virtues, as they appear to others, are here set down with a pleasant humour and with a truth that will cause many a reader to recognise himself. Our faults and foibles, our weaknesses, and our very virtues, as they appear to others, are here set down with a pleasant humour and with a truth that will cause many a reader to recognise himself. Our faults and foibles, our weaknesses, and our very virtues, as they appear to others, are here set down with a pleasant humour and with a truth that will cause many a reader to recognise himself. Our faults and foibles, our weaknesses, and our very virtues, as they appear to others, are here set down with a pleasant humour and with a truth that will cause many a reader to recognise himself. Our faults and foibles, our weaknesses, and our very virtues, as they appear to others, are here set down with a pleasant humour and with a truth that will cause many a reader to recognise himself. Our faults and foibles, our weaknesses, and our very virtues, as they appear to others, are here set down with a pleasant humour and with a truth that will cause many a reader to recognise himself. Our faults and foibles, our weaknesses, and our very virtues, as they appear to others, are here set down with a pleasant humour and with a truth that will cause many a reader to recognise himself. Our faults and foibles, our weaknesses, and our very virtues, as they appear to others, are here set down with a pleasant humour and with a truth that will cause many a reader to recognise himself. Our faults and foibles, our weaknesses, and our very virtues, as they appear to others, are here set down with a pleasant humour and with a truth that will cause many a reader to recognise himself. Our faults and foibles, our weaknesses, and our very virtues, as they appear to others, are here set down with a pleasant humour and with a truth that will cause many a reader to recognise himself. Our faults and foibles, our weaknesses, and our very virtues, as they appear to others, are here set down with a pleasant humour and with a truth that will cause many a reader to recognise himself. Our faults and foibles, our weaknesses, and our very virtues, as they appear to others, are here set down with a pleasant humour and with a truth that will cause many a reader to recognise himself. Our faults and foibles, our weaknesses, and our very virtues, as they appear to others, are here set down with a pleasant humour and with a truth that will cause many a reader to recognise himself. Our faults and foibles, our weaknesses, and our very virtues, as they appear to others, are here set down with a pleasant humour and with a truth that will cause many a reader to recognise himself. Our faults and foibles, our weaknesses, and our very virtues, as they appear to others, are here set down with a pleasant humour and with a truth that will cause many a reader to recognise himself.

should turn hysterical—a convulsive laugh, only arrested by sudden tears, or frequently mingling both together. Hence I should so soften that close mingling of the absurd and the sublime which so frequently annoys the reader.

should turn hysterical—a convulsive laugh, only arrested by sudden tears, or frequently mingling both together. Hence I should so soften that close mingling of the absurd and the sublime which so frequently annoys the reader. should turn hysterical—a convulsive laugh, only arrested by sudden tears, or frequently mingling both together. Hence I should so soften that close mingling of the absurd and the sublime which so frequently annoys the reader. should turn hysterical—a convulsive laugh, only arrested by sudden tears, or frequently mingling both together. Hence I should so soften that close mingling of the absurd and the sublime which so frequently annoys the reader. should turn hysterical—a convulsive laugh, only arrested by sudden tears, or frequently mingling both together. Hence I should so soften that close mingling of the absurd and the sublime which so frequently annoys the reader. should turn hysterical—a convulsive laugh, only arrested by sudden tears, or frequently mingling both together. Hence I should so soften that close mingling of the absurd and the sublime which so frequently annoys the reader. should turn hysterical—a convulsive laugh, only arrested by sudden tears, or frequently mingling both together. Hence I should so soften that close mingling of the absurd and the sublime which so frequently annoys the reader. should turn hysterical—a convulsive laugh, only arrested by sudden tears, or frequently mingling both together. Hence I should so soften that close mingling of the absurd and the sublime which so frequently annoys the reader. should turn hysterical—a convulsive laugh, only arrested by sudden tears, or frequently mingling both together. Hence I should so soften that close mingling of the absurd and the sublime which so frequently annoys the reader. should turn hysterical—a convulsive laugh, only arrested by sudden tears, or frequently mingling both together. Hence I should so soften that close mingling of the absurd and the sublime which so frequently annoys the reader. should turn hysterical—a convulsive laugh, only arrested by sudden tears, or frequently mingling both together. Hence I should so soften that close mingling of the absurd and the sublime which so frequently annoys the reader.

My dear, dear ones, all is gone,
The freshness of the heart is past;
The bird that sings its song alone
Has learned that nought can last.

"Sure and a fearful power," I observed, "I have often noticed that the delicate tempers of women are most keenly alive to these sudden transitions of feeling." She was a creature of light and shade; now sunshine, now tears.

"Sure and a fearful power," I observed, "I have often noticed that the delicate tempers of women are most keenly alive to these sudden transitions of feeling." She was a creature of light and shade; now sunshine, now tears. "Sure and a fearful power," I observed, "I have often noticed that the delicate tempers of women are most keenly alive to these sudden transitions of feeling." She was a creature of light and shade; now sunshine, now tears. "Sure and a fearful power," I observed, "I have often noticed that the delicate tempers of women are most keenly alive to these sudden transitions of feeling." She was a creature of light and shade; now sunshine, now tears. "Sure and a fearful power," I observed, "I have often noticed that the delicate tempers of women are most keenly alive to these sudden transitions of feeling." She was a creature of light and shade; now sunshine, now tears. "Sure and a fearful power," I observed, "I have often noticed that the delicate tempers of women are most keenly alive to these sudden transitions of feeling." She was a creature of light and shade; now sunshine, now tears. "Sure and a fearful power," I observed, "I have often noticed that the delicate tempers of women are most keenly alive to these sudden transitions of feeling." She was a creature of light and shade; now sunshine, now tears. "Sure and a fearful power," I observed, "I have often noticed that the delicate tempers of women are most keenly alive to these sudden transitions of feeling." She was a creature of light and shade; now sunshine, now tears. "Sure and a fearful power," I observed, "I have often noticed that the delicate tempers of women are most keenly alive to these sudden transitions of feeling." She was a creature of light and shade; now sunshine, now tears. "Sure and a fearful power," I observed, "I have often noticed that the delicate tempers of women are most keenly alive to these sudden transitions of feeling." She was a creature of light and shade; now sunshine, now tears. "Sure and a fearful power," I observed, "I have often noticed that the delicate tempers of women are most keenly alive to these sudden transitions of feeling." She was a creature of light and shade; now sunshine, now tears. "Sure and a fearful power," I observed, "I have often noticed that the delicate tempers of women are most keenly alive to these sudden transitions of feeling." She was a creature of light and shade; now sunshine, now tears. "Sure and a fearful power," I observed, "I have often noticed that the delicate tempers of women are most keenly alive to these sudden transitions of feeling." She was a creature of light and shade; now sunshine, now tears. "Sure and a fearful power," I observed, "I have often noticed that the delicate tempers of women are most keenly alive to these sudden transitions of feeling." She was a creature of light and shade; now sunshine, now tears. "Sure and a fearful power," I observed, "I have often noticed that the delicate tempers of women are most keenly alive to these sudden transitions of feeling." She was a creature of light and shade; now sunshine, now tears. "Sure and a fearful power," I observed, "I have often noticed that the delicate tempers of women are most keenly alive to these sudden transitions of feeling." She was a creature of light and shade; now sunshine, now tears. "Sure and a fearful power," I observed, "I have often noticed that the delicate tempers of women are most keenly alive to these sudden transitions of feeling." She was a creature of light and shade; now sunshine, now tears. "Sure and a fearful power," I observed, "I have often noticed that the delicate tempers of women are most keenly alive to these sudden transitions of feeling." She was a creature of light and shade; now sunshine, now tears. "Sure and a fearful power," I observed, "I have often noticed that the delicate tempers of women are most keenly alive to these sudden transitions of feeling." She was a creature of light and shade; now sunshine, now tears. "Sure and a fearful power," I observed, "I have often noticed that the delicate tempers of women are most keenly alive to these sudden transitions of feeling." She was a creature of light and shade; now sunshine, now tears. "Sure and a fearful power," I observed, "I have often noticed that the delicate tempers of women are most keenly alive to these sudden transitions of feeling." She was a creature of light and shade; now sunshine, now tears. "Sure and a fearful power," I observed, "I have often noticed that the delicate tempers of women are most keenly alive to these sudden transitions of feeling." She was a creature of light and shade; now sunshine, now tears. "Sure and a fearful power," I observed, "I have often noticed that the delicate tempers of women are most keenly alive to these sudden transitions of feeling." She was a creature of light and shade; now sunshine, now tears. "Sure and a fearful power," I observed, "I have often noticed that the delicate tempers of women are most keenly alive to these sudden transitions of feeling." She was a creature of light and shade; now sunshine, now tears. "Sure and a fearful power," I observed, "I have often noticed that the delicate tempers of women are most keenly alive to these sudden transitions of feeling." She was a creature of light and shade; now sunshine, now tears. "Sure and a fearful power," I observed, "I have often noticed that the delicate tempers of women are most keenly alive to these sudden transitions of feeling." She was a creature of light and shade; now sunshine, now tears. "Sure and a fearful power," I observed, "I have often noticed that the delicate tempers of women are most keenly alive to these sudden transitions of feeling." She was a creature of light and shade; now sunshine, now tears. "Sure and a fearful power," I observed, "I have often noticed that the delicate tempers of women are most keenly alive to these sudden transitions of feeling." She was a creature of light and shade; now sunshine, now tears. "Sure and a fearful power," I observed, "I have often noticed that the delicate tempers of women are most keenly alive to these sudden transitions of feeling." She was a creature of light and shade; now sunshine, now tears. "Sure and a fearful power," I observed, "I have often noticed that the delicate tempers of women are most keenly alive to these sudden transitions of feeling." She was a creature of light and shade; now sunshine, now tears. "Sure and a fearful power," I observed, "I have often noticed that the delicate tempers of women are most keenly alive to these sudden transitions of feeling." She was a creature of light and shade; now sunshine, now tears. "Sure and a fearful power," I observed, "I have often noticed that the delicate tempers of women are most keenly alive to these sudden transitions of feeling." She was a creature of light and shade; now sunshine, now tears. "Sure and a fearful power," I observed, "I have often noticed that the delicate tempers of women are most keenly alive to these sudden transitions of feeling." She was a creature of light and shade; now sunshine, now tears. "Sure and a fearful power," I observed, "I have often noticed that the delicate tempers of women are most keenly alive to these sudden transitions of feeling." She was a creature of light and shade; now sunshine, now tears. "Sure and a fearful power," I observed, "I have often noticed that the delicate tempers of women are most keenly alive to these sudden transitions of feeling." She was a creature of light and shade; now sunshine, now tears. "Sure and a fearful power," I observed, "I have often noticed that the delicate tempers of women are most keenly alive to these sudden transitions of feeling." She was a creature of light and shade; now sunshine, now tears. "Sure and a fearful power," I observed, "I have often noticed that the delicate tempers of women are most keenly alive to these sudden transitions of feeling." She was a creature of light and shade; now sunshine, now tears. "Sure and a fearful power," I observed, "I have often noticed that the delicate tempers of women are most keenly alive to these sudden transitions of feeling." She was a creature of light and shade; now sunshine, now tears. "Sure and a fearful power," I observed, "I have often noticed that the delicate tempers of women are most keenly alive to these sudden transitions of feeling." She was a creature of light and shade; now sunshine, now tears. "Sure and a fearful power," I observed, "I have often noticed that the delicate tempers of women are most keenly alive to these sudden transitions of feeling." She was a creature of light and shade; now sunshine, now tears. "Sure and a fearful power," I observed, "I have often noticed that the delicate tempers of women are most keenly alive to these sudden transitions of feeling." She was a creature of light and shade; now sunshine, now tears. "Sure and a fearful power," I observed, "I have often noticed that the delicate tempers of women are most keenly alive to these sudden transitions of feeling." She was a creature of light and shade; now sunshine, now tears. "Sure and a fearful power," I observed, "I have often noticed that the delicate tempers of women are most keenly alive to these sudden transitions of feeling." She was a creature of light and shade; now sunshine, now tears. "Sure and a fearful power," I observed, "I have often noticed that the delicate tempers of women are most keenly alive to these sudden transitions of feeling." She was a creature of light and shade; now sunshine, now tears. "Sure and a fearful power," I observed, "I have often noticed that the delicate tempers of women are most keenly alive to these sudden transitions of feeling." She was a creature of light and shade; now sunshine, now tears. "Sure and a fearful power," I observed, "I have often noticed that the delicate tempers of women are most keenly alive to these sudden transitions of feeling." She was a creature of light and shade; now sunshine, now tears. "Sure and a fearful power," I observed, "I have often noticed that the delicate tempers of women are most keenly alive to these sudden transitions of feeling." She was a creature of light and shade; now sunshine, now tears. "Sure and a fearful power," I observed, "I have often noticed that the delicate tempers of women are most keenly alive to these sudden transitions of feeling." She was a creature of light and shade; now sunshine, now tears. "Sure and a fearful power," I observed, "I have often noticed that the delicate tempers of women are most keenly alive to these sudden transitions of feeling." She was a creature of light and shade; now sunshine, now tears. "Sure and a fearful power," I observed, "I have often noticed that the delicate tempers of women are most keenly alive to these sudden transitions of feeling." She was a creature of light and shade; now sunshine, now tears. "Sure and a fearful power," I observed, "I have often noticed that the delicate tempers of women are most keenly alive to these sudden transitions of feeling." She was a creature of light and shade; now sunshine, now tears. "Sure and a fearful power," I observed, "I have often noticed that the delicate tempers of women are most keenly alive to these sudden transitions of feeling." She was a creature of light and shade; now sunshine, now tears. "Sure and a fearful power," I observed, "I have often noticed that the delicate tempers of women are most keenly alive to these sudden transitions of feeling." She was a creature of light and shade; now sunshine, now tears. "Sure and a fearful power," I observed, "I have often noticed that the delicate tempers of women are most keenly alive to these sudden transitions of feeling." She was a creature of light and shade; now sunshine, now tears. "Sure and a fearful power," I observed, "I have often noticed that the delicate tempers of women are most keenly alive to these sudden transitions of feeling." She was a creature of light and shade; now sunshine, now tears. "Sure and a fearful power," I observed, "I have often noticed that the delicate tempers of women are most keenly alive to these sudden transitions of feeling." She was a creature of light and shade; now sunshine, now tears. "Sure and a fearful power," I observed, "I have often noticed that the delicate tempers of women are most keenly alive to these sudden transitions of feeling." She was a creature of light and shade; now sunshine, now tears. "Sure and a fearful power," I observed, "I have often noticed that the delicate tempers of women are most keenly alive to these sudden transitions of feeling." She was a creature of light and shade; now sunshine, now tears. "Sure and a fearful power," I observed, "I have often noticed that the delicate tempers of women are most keenly alive to these sudden transitions of feeling." She was a creature of light and shade; now sunshine, now tears. "Sure and a fearful power," I observed, "I have often noticed that the delicate tempers of women are most keenly alive to these sudden transitions of feeling." She was a creature of light and shade; now sunshine, now tears. "Sure and a fearful power," I observed, "I have often noticed that the delicate tempers of women are most keenly alive to these sudden transitions of feeling." She was a creature of light and shade; now sunshine, now tears.

the instigation of a local functionary in Hull, and not by the Attorney-General, an action for the recovery of the penalty was laid against the publisher of the Circular.

the instigation of a local functionary in Hull, and not by the Attorney-General, an action for the recovery of the penalty was laid against the publisher of the Circular. the instigation of a local functionary in Hull, and not by the Attorney-General, an action for the recovery of the penalty was laid against the publisher of the Circular. the instigation of a local functionary in Hull, and not by the Attorney-General, an action for the recovery of the penalty was laid against the publisher of the Circular. the instigation of a local functionary in Hull, and not by the Attorney-General, an action for the recovery of the penalty was laid against the publisher of the Circular. the instigation of a local functionary in Hull, and not by the Attorney-General, an action for the recovery of the penalty was laid against the publisher of the Circular.

THE TRUTH-SEEKER—No. IV.—THE NATIONAL TEMPERANCE ADVOCATE—April, May.

These publications contain several talented and interesting articles. Both ably support the principles of the temperance cause.

THE RISING SUN; OR, LINES ON VARIOUS SUBJECTS. By Frederick Laverock Stockport.

It may be one of the "rights of man" for a man to make a fool of himself; but if so, he has no right to annoy others with his folly.

It may be one of the "rights of man" for a man to make a fool of himself; but if so, he has no right to annoy others with his folly. It may be one of the "rights of man" for a man to make a fool of himself; but if so, he has no right to annoy others with his folly. It may be one of the "rights of man" for a man to make a fool of himself; but if so, he has no right to annoy others with his folly. It may be one of the "rights of man" for a man to make a fool of himself; but if so, he has no right to annoy others with his folly. It may be one of the "rights of man" for a man to make a fool of himself; but if so, he has no right to annoy others with his folly. It may be one of the "rights of man" for a man to make a fool of himself; but if so, he has no right to annoy others with his folly. It may be one of the "rights of man" for a man to make a fool of himself; but if so, he has no right to annoy others with his folly. It may be one of the "rights of man" for a man to make a fool of himself; but if so, he has no right to annoy others with his folly. It may be one of the "rights of man" for a man to make a fool of himself; but if so, he has no right to annoy others with his folly. It may be one of the "rights of man" for a man to make a fool of himself; but if so, he has no right to annoy others with his folly. It may be one of the "rights of man" for a man to make a fool of himself; but if so, he has no right to annoy others with his folly. It may be one of the "rights of man" for a man to make a fool of himself; but if so, he has no right to annoy others with his folly. It may be one of the "rights of man" for a man to make a fool of himself; but if so, he has no right to annoy others with his folly. It may be one of the "rights of man" for a man to make a fool of himself; but if so, he has no right to annoy others with his folly.

THE ILLUMINATED MAGAZINE.—May.

We wish to do justice to this popular Magazine in its new form; and, therefore, we are compelled, by want of room, to postpone our comments till next week.

THE LONDON ENTERTAINING MAGAZINE—Part V.

London: B. D. Cousins, 18, Duke-street, Lincoln's-Inn-fields.

London: B. D. Cousins, 18, Duke-street, Lincoln's-Inn-fields. London: B. D. Cousins, 18, Duke-street, Lincoln's-Inn-fields. London: B. D. Cousins, 18, Duke-street, Lincoln's-Inn-fields.

THE ENGLISH INSTITUTIONS: AN EDUCATIONAL POEM.

By Alfred Davenport. London: Cleave, Shoe-lane.

By Alfred Davenport. London: Cleave, Shoe-lane. By Alfred Davenport. London: Cleave, Shoe-lane. By Alfred Davenport. London: Cleave, Shoe-lane. By Alfred Davenport. London: Cleave, Shoe-lane. By Alfred Davenport. London: Cleave, Shoe-lane. By Alfred Davenport. London: Cleave, Shoe-lane.

THE CIRCULAR OF THE ANTI-PERSECUTION UNION.

London: Watson, Paul's-alley, Paternoster-row. The Anti-Persecution Union is a society established for the protection of all who may be assailed by the law's persecution for the free expression of their opinions.

London: Watson, Paul's-alley, Paternoster-row. The Anti-Persecution Union is a society established for the protection of all who may be assailed by the law's persecution for the free expression of their opinions. London: Watson, Paul's-alley, Paternoster-row. The Anti-Persecution Union is a society established for the protection of all who may be assailed by the law's persecution for the free expression of their opinions. London: Watson, Paul's-alley, Paternoster-row. The Anti-Persecution Union is a society established for the protection of all who may be assailed by the law's persecution for the free expression of their opinions. London: Watson, Paul's-alley, Paternoster-row. The Anti-Persecution Union is a society established for the protection of all who may be assailed by the law's persecution for the free expression of their opinions. London: Watson, Paul's-alley, Paternoster-row. The Anti-Persecution Union is a society established for the protection of all who may be assailed by the law's persecution for the free expression of their opinions. London: Watson, Paul's-alley, Paternoster-row. The Anti-Persecution Union is a society established for the protection of all who may be assailed by the law's persecution for the free expression of their opinions. London: Watson, Paul's-alley, Paternoster-row. The Anti-Persecution Union is a society established for the protection of all who may be assailed by the law's persecution for the free expression of their opinions. London: Watson, Paul's-alley, Paternoster-row. The Anti-Persecution Union is a society established for the protection of all who may be assailed by the law's persecution for the free expression of their opinions. London: Watson, Paul's-alley, Paternoster-row. The Anti-Persecution Union is a society established for the protection of all who may be assailed by the law's persecution for the free expression of their opinions. London: Watson, Paul's-alley, Paternoster-row. The Anti-Persecution Union is a society established for the protection of all who may be assailed by the law's persecution for the free expression of their opinions. London: Watson, Paul's-alley, Paternoster-row. The Anti-Persecution Union is a society established for the protection of all who may be assailed by the law's persecution for the free expression of their opinions. London: Watson, Paul's-alley, Paternoster-row. The Anti-Persecution Union is a society established for the protection of all who may be assailed by the law's persecution for the free expression of their opinions. London: Watson, Paul's-alley, Paternoster-row. The Anti-Persecution Union is a society established for the protection of all who may be assailed by the law's persecution for the free expression of their opinions. London: Watson, Paul's-alley, Paternoster-row. The Anti-Persecution Union is a society established for the protection of all who may be assailed by the law's persecution for the free expression of their opinions. London: Watson, Paul's-alley, Paternoster-row. The Anti-Persecution Union is a society established for the protection of all who may be assailed by the law's persecution for the free expression of their opinions. London: Watson, Paul's-alley, Paternoster-row. The Anti-Persecution Union is a society established for the protection of all who may be assailed by the law's persecution for the free expression of their opinions. London: Watson, Paul's-alley, Paternoster-row. The Anti-Persecution Union is a society established for the protection of all who may be assailed by the law's persecution for the free expression of their opinions. London: Watson, Paul's-alley, Paternoster-row. The Anti-Persecution Union is a society established for the protection of all who may be assailed by the law's persecution for the free expression of their opinions. London: Watson, Paul's-alley, Paternoster-row. The Anti-Persecution Union is a society established for the protection of all who may be assailed by the law's persecution for the free expression of their opinions. London: Watson, Paul's-alley, Paternoster-row. The Anti-Persecution Union is a society established for the protection of all who may be assailed by the law's persecution for the free expression of their opinions. London: Watson, Paul's-alley, Paternoster-row. The Anti-Persecution Union is a society established for the protection of all who may be assailed by the law's persecution for the free expression of their opinions. London: Watson, Paul's-alley, Paternoster-row. The Anti-Persecution Union is a society established for the protection of all who may be assailed by the law's persecution for the free expression of their opinions. London: Watson, Paul's-alley, Paternoster-row. The Anti-Persecution Union is a society established for the protection of all who may be assailed by the law's persecution for the free expression of their opinions. London: Watson, Paul's-alley, Paternoster-row. The Anti-Persecution Union is a society established for the protection of all who may be assailed by the law's persecution for the free expression of their opinions. London: Watson, Paul's-alley, Paternoster-row. The Anti-Persecution Union is a society established for the protection of all who may be assailed by the law's persecution for the free expression of their opinions. London: Watson, Paul's-alley, Paternoster-row. The Anti-Persecution Union is a society established for the protection of all who may be assailed by the law's persecution for the free expression of their opinions. London: Watson, Paul's-alley, Paternoster-row. The Anti-Persecution Union is a society established for the protection of all who may be assailed by the law's persecution for the free expression of their opinions. London: Watson, Paul's-alley, Paternoster-row. The Anti-Persecution Union is a society established for the protection of all who may be assailed by the law's persecution for the free expression of their opinions. London: Watson, Paul's-alley, Paternoster-row. The Anti-Persecution Union is a society established for the protection of all who may be assailed by the law's persecution for the free expression of their opinions. London: Watson, Paul's-alley, Paternoster-row. The Anti-Persecution Union is a society established for the protection of all who may be assailed by the law's persecution for the free expression of their opinions. London: Watson, Paul's-alley, Paternoster-row. The Anti-Persecution Union is a society established for the protection of all who may be assailed by the law's persecution for the free expression of their opinions. London: Watson, Paul's-alley, Paternoster-row. The Anti-Persecution Union is a society established for the protection of all who may be assailed by the law's persecution for the free expression of their opinions. London: Watson, Paul's-alley, Paternoster-row. The Anti-Persecution Union is a society established for the protection of all who may be assailed by the law's persecution for the free expression of their opinions. London: Watson, Paul's-alley, Paternoster-row. The Anti-Persecution Union is a society established for the protection of all who may be assailed by the law's persecution for the free expression of their opinions. London: Watson, Paul's-alley, Paternoster-row. The Anti-Persecution Union is a society established for the protection of all who may be assailed by the law's persecution for the free expression of their opinions. London: Watson, Paul's-alley, Paternoster-row. The Anti-Persecution Union is a society established for the protection of all who may be assailed by the law's persecution for the free expression of their opinions. London: Watson, Paul's-alley, Paternoster-row. The Anti-Persecution Union is a society established for the protection of all who may be assailed by the law's persecution for the free expression of their opinions. London: Watson, Paul's-alley, Paternoster-row. The Anti-Persecution Union is a society established for the protection of all who may be assailed by the law's persecution for the free expression of their opinions. London: Watson, Paul's-alley, Paternoster-row. The Anti-Persecution Union is a society established for the protection of all who may be assailed by the law's persecution for the free expression of their opinions. London: Watson, Paul's-alley, Paternoster-row. The Anti-Persecution Union is a society established for the protection of all who may be assailed by the law's persecution for the free expression of their opinions. London: Watson, Paul's-alley, Paternoster-row. The Anti-Persecution Union is a society established for the protection of all who may be assailed by the law's persecution for the free expression of their opinions. London: Watson, Paul's-alley, Paternoster-row. The Anti-Persecution Union is a society established for the protection of all who may be assailed by the law's persecution for the free expression of their opinions. London: Watson, Paul's-alley, Paternoster-row. The Anti-Persecution Union is a society established for the protection of all who may be assailed by the law's persecution for the free expression of their opinions. London: Watson, Paul's-alley, Paternoster-row. The Anti-Persecution Union is a society established for the protection of all who may be assailed by the law's persecution for the free expression of their opinions. London: Watson, Paul's-alley, Paternoster-row. The Anti-Persecution Union is a society established for the protection of all who may be assailed by the law's persecution for the free expression of their opinions. London: Watson, Paul's-alley, Paternoster-row. The Anti-Persecution Union is a society established for the protection of all who may be assailed by the law's persecution for the free expression of their opinions. London: Watson, Paul's-alley, Paternoster-row. The Anti-Persecution Union is a society established for the protection of all who may be assailed by the law's persecution for the free expression of their opinions. London: Watson, Paul's-alley, Paternoster-row. The Anti-Persecution Union is a society established for the protection of all who may be assailed by the law's persecution for the free expression of their opinions. London: Watson, Paul's-alley, Paternoster-row. The Anti-Persecution Union is a society established for the protection of all who may be assailed by the law's persecution for the free expression of their opinions. London: Watson, Paul's-alley, Paternoster-row. The Anti-Persecution Union is a society established for the protection of all who may be assailed by the law's persecution for the free expression of their opinions. London: Watson, Paul's-alley, Paternoster-row. The Anti-Persecution Union is a society established for the protection of all who may be assailed by the law's persecution for the free expression of their opinions. London: Watson, Paul's-alley, Paternoster-row. The Anti-Persecution Union is a society established for the protection of all who may be assailed by the law's persecution for the free expression of their opinions. London: Watson, Paul's-alley, Paternoster-row. The Anti-Persecution Union is a society established for the protection of all who may be assailed by the law's persecution for the free expression of their opinions. London: Watson, Paul's-alley, Paternoster-row. The Anti-Persecution Union is a society established for the protection of all who may be assailed by the law's persecution for the free expression of their opinions. London: Watson, Paul's-alley, Paternoster-row. The Anti-Persecution Union is a society established for the protection of all who may be assailed by the law's persecution for the free expression of their opinions. London: Watson, Paul's-alley, Paternoster-row. The Anti-Persecution Union is a society established for the protection of all who may be assailed by the law's persecution for the free expression of their opinions. London: Watson, Paul's-alley, Paternoster-row. The Anti-Persecution Union is a society established for the protection of all who may be assailed by the law's persecution for the free expression of their opinions. London: Watson, Paul's-alley, Paternoster-row. The Anti-Persecution Union is a society established for the protection of all who may be assailed by the law's persecution for the free expression of their opinions. London: Watson, Paul's-alley, Paternoster-row. The Anti-Persecution Union is a society established for the protection of all who may be assailed by the law's persecution for the free expression of their opinions. London: Watson, Paul's-alley, Paternoster-row. The Anti-Persecution Union is a society established for the protection of all who may be assailed by the law's persecution for the free expression of their opinions.

Tit Bits.

Courtship.—A man, to be successful in love, should think only of his mistress and himself. Recollection that she prefers a man who loves her is the best guide in the affairs of the heart.

Courtship.—A man, to be successful in love, should think only of his mistress and himself. Recollection that she prefers a man who loves her is the best guide in the affairs of the heart. Courtship.—A man, to be successful in love, should think only of his mistress and himself. Recollection that she prefers a man who loves her is the best guide in the affairs of the heart. Courtship.—A man, to be successful in love, should think only of his mistress and himself. Recollection that she prefers a man who loves her is the best guide in the affairs of the heart. Courtship.—A man, to be successful in love, should think only of his mistress and himself. Recollection that she prefers a man who loves her is the best guide in the affairs of the heart. Courtship.—A man, to be successful in love, should think only of his mistress and himself. Recollection that she prefers a man who loves her is the best guide in the affairs of the heart. Courtship.—A man, to be successful in love, should think only of his mistress and himself. Recollection that she prefers a man who loves her is the best guide in the affairs of the heart. Courtship.—A man, to be successful in love, should think only of his mistress and himself. Recollection that she prefers a man who loves her is the best guide in the affairs of the heart. Courtship.—A man, to be successful in love, should think only of his mistress and himself. Recollection that she prefers a man who loves her is the best guide in the affairs of the heart. Courtship.—A man, to be successful in love, should think only of his mistress and himself. Recollection that she prefers a man who loves her is the best guide in the affairs of the heart. Courtship.—A man, to be successful in love, should think only of his mistress and himself. Recollection that she prefers a man who loves her is the best guide in the affairs of the heart. Courtship.—A man, to be successful in love, should think only of his mistress and himself. Recollection that she prefers a man who loves her is the best guide in the affairs of the heart. Courtship.—A man, to be successful in love, should think only of his mistress and himself. Recollection that she prefers a man who loves her is the best guide in the affairs of the heart. Courtship.—A man, to be successful in love, should think only of his mistress and himself. Recollection that she prefers a man who loves her is the best guide in the affairs of the heart. Courtship.—A man, to be successful in love, should think only of his mistress and himself. Recollection that she prefers a man who loves her is the best guide in the affairs of the heart. Courtship.—A man, to be successful in love, should think only of his mistress and himself. Recollection that she prefers a man who loves her is the best guide in the affairs of the heart. Courtship.—A man, to be successful in love, should think only of his mistress and himself. Recollection that she prefers a man who loves her is the best guide in the affairs of the heart. Courtship.—A man, to be successful in love, should think only of his mistress and himself. Recollection that she prefers a man who loves her is the best guide in the affairs of the heart. Courtship.—A man, to be successful in love, should think only of his mistress and himself. Recollection that she prefers a man who loves her is the best guide in the affairs of the heart. Courtship.—A man, to be successful in love, should think only of his mistress and himself. Recollection that she prefers a man who loves her is the best guide in the affairs of the heart. Courtship.—A man, to be successful in love, should think only of his mistress and himself. Recollection that she prefers a man who loves her is the best guide in the affairs of the heart. Courtship.—A man, to be successful in love, should think only of his mistress and himself. Recollection that she prefers a man who loves her is the best guide in the affairs of the heart. Courtship.—A man, to be successful in love, should think only of his mistress and himself. Recollection that she prefers a man who loves her is the best guide in the affairs of the heart. Courtship.—A man, to be successful in love, should think only of his mistress and himself. Recollection that she prefers a man who loves her is the best guide in the affairs of the heart. Courtship.—A man, to be successful in love, should think only of his mistress and himself. Recollection that she prefers a man who loves her is the best guide in the affairs of the heart. Courtship.—A man, to be successful in love, should think only of his mistress and himself. Recollection that she prefers a man who loves her is the best guide in the affairs of the heart. Courtship.—A man, to be successful in love, should think only of his mistress and himself. Recollection that she prefers a man who loves her is the best guide in the affairs of the heart. Courtship.—A man, to be successful in love, should think only of his mistress and himself. Recollection that she prefers a man who loves her is the best guide in the affairs of the heart. Courtship.—A man, to be successful in love, should think only of his mistress and himself. Recollection that she prefers a man who loves her is the best guide in the affairs of the heart. Courtship.—A man, to be successful in love, should think only of his mistress and himself. Recollection that she prefers a man who loves her is the best guide in the affairs of the heart. Courtship.—A man, to be successful in love, should think only of his mistress and himself. Recollection that she prefers a man who loves her is the best guide in the affairs of the heart.

Bankrupts, &c.
(From Tuesday's Gazette, May 6.)

William Thornhill, Leadenhall-street, City, upholsterer—George Warriner, Lloyd's Coffee-house, City, underwriter—Richard Robinson, King William-street, Strand, wine and spirit merchant—John and Joseph Cattley.

William Thornhill, Leadenhall-street, City, upholsterer—George Warriner, Lloyd's Coffee-house, City, underwriter—Richard Robinson, King William-street, Strand, wine and spirit merchant—John and Joseph Cattley. William Thornhill, Leadenhall-street, City, upholsterer—George Warriner, Lloyd's Coffee-house, City, underwriter—Richard Robinson, King William-street, Strand, wine and spirit merchant—John and Joseph Cattley. William Thornhill, Leadenhall-street, City, upholsterer—George Warriner, Lloyd's Coffee-house, City, underwriter—Richard Robinson, King William-street, Strand, wine and spirit merchant—John and Joseph Cattley. William Thornhill, Leadenhall-street, City, upholsterer—George Warriner, Lloyd's Coffee-house, City, underwriter—Richard Robinson, King William-street, Strand, wine and spirit merchant—John and Joseph Cattley. William Thornhill, Leadenhall-street, City, upholsterer—George Warriner, Lloyd's Coffee-house, City, underwriter—Richard Robinson, King William-street, Strand, wine and spirit merchant—John and Joseph Cattley. William Thornhill, Leadenhall-street, City, upholsterer—George Warriner, Lloyd's Coffee-house, City, underwriter—Richard Robinson, King William-street, Strand, wine and spirit merchant—John and Joseph Cattley. William Thornhill, Leadenhall-street, City, upholsterer—George Warriner, Lloyd's Coffee-house, City, underwriter—Richard Robinson, King William-street, Strand, wine and spirit merchant—John and Joseph Cattley. William Thornhill, Leadenhall-street, City, upholsterer—George Warriner, Lloyd's Coffee-house, City, underwriter—Richard Robinson, King William-street, Strand, wine and spirit merchant—John and Joseph Cattley. William Thornhill, Leadenhall-street, City, upholsterer—George Warriner, Lloyd's Coffee-house, City, underwriter—Richard Robinson, King William-street, Strand, wine and spirit merchant—John and Joseph Cattley. William Thornhill, Leadenhall-street, City, upholsterer—George Warriner, Lloyd's Coffee-house, City, underwriter—Richard Robinson, King William-street, Strand, wine and spirit merchant—John and Joseph Cattley. William Thornhill, Leadenhall-street, City, upholsterer—George Warriner, Lloyd's Coffee-house, City, underwriter—Richard Robinson, King William-street, Strand, wine and spirit merchant—John and Joseph Cattley. William Thornhill, Leadenhall-street, City, upholsterer—George Warriner, Lloyd's Coffee-house, City, underwriter—Richard Robinson, King William-street, Strand, wine and spirit merchant—John and Joseph Cattley. William Thornhill, Leadenhall-street, City, upholsterer—George Warriner, Lloyd's Coffee-house, City, underwriter—Richard Robinson, King William-street, Strand, wine and spirit merchant—John and Joseph Cattley. William Thornhill, Leadenhall-street, City, upholsterer—George Warriner, Lloyd's Coffee-house, City, underwriter—Richard Robinson, King William-street, Strand, wine and spirit merchant—John and Joseph Cattley. William Thornhill, Leadenhall-street, City, upholsterer—George Warriner, Lloyd's Coffee-house, City, underwriter—Richard Robinson, King William-street, Strand, wine and spirit merchant—John and Joseph Cattley. William Thornhill, Leadenhall-street, City, upholsterer—George Warriner, Lloyd's Coffee-house, City, underwriter—Richard Robinson, King William-street, Strand, wine and spirit merchant—John and Joseph Cattley. William Thornhill, Leadenhall-street, City, upholsterer—George Warriner, Lloyd's Coffee-house, City, underwriter—Richard Robinson, King William-street, Strand, wine and spirit merchant—John and Joseph Cattley. William Thornhill, Leadenhall-street, City, upholsterer—George Warriner, Lloyd's Coffee-house, City, underwriter—Richard Robinson, King William-street, Strand, wine and spirit merchant—John and Joseph Cattley. William Thornhill, Leadenhall-street, City, upholsterer—George Warriner, Lloyd's Coffee-house, City, underwriter—Richard Robinson, King William-street, Strand, wine and spirit merchant—John and Joseph Cattley. William Thornhill, Leadenhall-street, City, upholsterer—George Warriner, Lloyd's Coffee-house, City, underwriter—Richard Robinson, King William-street, Strand, wine and spirit merchant—John and Joseph Cattley. William Thornhill, Leadenhall-street, City, upholsterer—George Warriner, Lloyd's Coffee-house, City, underwriter—Richard Robinson, King William-street, Strand, wine and spirit merchant—John and Joseph Cattley. William Thornhill, Leadenhall-street, City, upholsterer—George Warriner, Lloyd's Coffee-house, City, underwriter—Richard Robinson, King William-street, Strand, wine and spirit merchant—John and Joseph Cattley. William Thornhill, Leadenhall-street, City, upholsterer—George Warriner, Lloyd's Coffee-house, City, underwriter—Richard Robinson, King William-street, Strand, wine and spirit merchant—John and Joseph Cattley. William Thornhill, Leadenhall-street, City, upholsterer—George Warriner, Lloyd's Coffee-house, City, underwriter—Richard Robinson, King William-street, Strand, wine and spirit merchant—John and Joseph Cattley. William Thornhill, Leadenhall-street, City, upholsterer—George Warriner, Lloyd's Coffee-house, City, underwriter—Richard Robinson, King William-street, Strand, wine and spirit merchant—John and Joseph Cattley. William Thornhill, Leadenhall-street, City, upholsterer—George Warriner, Lloyd's Coffee-house, City, underwriter—Richard Robinson, King William-street, Strand, wine and spirit merchant—John and Joseph Cattley. William Thornhill, Leadenhall-street, City, upholsterer—George Warriner, Lloyd's Coffee-house, City, underwriter—Richard Robinson, King William-street, Strand, wine and spirit merchant—John and Joseph Cattley. William Thornhill, Leadenhall-street, City, upholsterer—George Warriner, Lloyd's Coffee-house, City, underwriter—Richard Robinson, King William-street, Strand, wine and spirit merchant—John and Joseph Cattley. William Thornhill, Leadenhall-street, City, upholsterer—George Warriner, Lloyd's Coffee-house, City, underwriter—Richard Robinson, King William-street, Strand, wine and spirit merchant—John and Joseph Cattley. William Thornhill, Leadenhall-street, City, upholsterer—George Warriner, Lloyd's Coffee-house, City, underwriter—Richard Robinson, King William-street, Strand, wine and spirit merchant—John and Joseph Cattley. William Thornhill, Leadenhall-street, City, upholsterer—George Warriner, Lloyd's Coffee-house, City, underwriter—Richard Robinson, King William-street, Strand, wine and spirit merchant—John and Joseph Cattley. William Thornhill, Leadenhall-street, City, upholsterer—George Warriner, Lloyd's Coffee-house, City, underwriter—Richard Robinson, King William-street, Strand, wine and spirit merchant—John and Joseph Cattley. William Thornhill, Leadenhall-street, City, upholsterer—George Warriner, Lloyd's Coffee-house, City, underwriter—Richard Robinson, King William-street, Strand, wine and spirit merchant—John and Joseph Cattley. William Thornhill, Leadenhall-street, City, upholsterer—George Warriner, Lloyd's Coffee-house, City, underwriter—Richard Robinson, King William-street, Strand, wine and spirit merchant—John and Joseph Cattley. William Thornhill, Leadenhall-street, City, upholsterer—George Warriner, Lloyd's Coffee-house, City, underwriter—Richard Robinson, King William-street, Strand, wine and spirit merchant—John and Joseph Cattley. William Thornhill, Leadenhall-street, City, upholsterer—George Warriner, Lloyd's Coffee-house, City, underwriter—Richard Robinson, King William-street, Strand, wine and spirit merchant—John and Joseph Cattley. William Thornhill, Leadenhall-street, City, upholsterer—George Warriner, Lloyd's Coffee-house, City, underwriter—Richard Robinson, King William-street, Strand, wine and spirit merchant—John and Joseph Cattley. William Thornhill, Leadenhall-street, City, upholsterer—George Warriner, Lloyd's Coffee-house, City, underwriter—Richard Robinson, King William-street, Strand, wine and spirit merchant—John and Joseph Cattley. William Thornhill, Leadenhall-street, City, upholsterer—George Warriner, Lloyd's Coffee-house, City, underwriter—Richard Robinson, King William-street, Strand, wine and spirit merchant—John and Joseph Cattley. William Thornhill, Leadenhall-street, City, upholsterer—George Warriner, Lloyd's Coffee-house, City, underwriter—Richard Robinson, King William-street, Strand, wine and spirit merchant—John and Joseph Cattley. William Thornhill, Leadenhall-street, City, upholsterer—George Warriner, Lloyd's Coffee-house, City, underwriter—Richard Robinson, King William-street, Strand, wine and spirit merchant—John and Joseph Cattley. William Thornhill, Leadenhall-street, City, upholsterer—George Warriner, Lloyd's Coffee-house, City, underwriter—Richard Robinson, King William-street, Strand, wine and spirit merchant—John and Joseph Cattley. William Thornhill, Leadenhall-street, City, upholsterer—George Warriner, Lloyd's Coffee-house, City, underwriter—Richard Robinson, King William-street, Strand, wine and spirit merchant—John and Joseph Cattley. William Thornhill, Leadenhall-street, City, upholsterer—George Warriner, Lloyd's Coffee-house, City, underwriter—Richard Robinson, King William-street, Strand, wine and spirit merchant—John and Joseph Cattley. William Thornhill, Leadenhall-street, City, upholsterer—George Warriner, Lloyd's Coffee-house, City, underwriter—Richard Robinson, King William-street, Strand, wine and spirit merchant—John and Joseph Cattley. William Thornhill, Leadenhall-street, City, upholsterer—George Warriner, Lloyd's Coffee-house, City, underwriter—Richard Robinson, King William-street, Strand, wine and spirit merchant—John and Joseph Cattley. William Thornhill, Leadenhall-street, City, upholsterer—George Warriner, Lloyd's Coffee-house, City, underwriter—Richard Robinson, King William-street, Strand, wine and spirit merchant—John and Joseph Cattley. William Thornhill, Leadenhall-street, City, upholsterer—George Warriner, Lloyd's Coffee-house, City, underwriter—Richard Robinson, King William-street, Strand, wine and spirit merchant—John and Joseph Cattley. William Thornhill, Leadenhall-street, City, upholsterer—George Warriner, Lloyd's Coffee-house, City, underwriter—Richard Robinson, King William-street, Strand, wine and spirit merchant—John and Joseph Cattley. William Thornhill, Leadenhall-street, City, upholsterer—George Warriner, Lloyd's Coffee-house, City, underwriter—Richard Robinson, King William-street, Strand, wine and spirit merchant—John and Joseph Cattley. William Thornhill, Leadenhall-street, City, upholsterer—George Warriner, Lloyd's Coffee-house, City, underwriter—Richard Robinson, King William-street, Strand, wine and spirit merchant—John and Joseph Cattley. William Thornhill, Leadenhall-street, City, upholsterer—George Warriner, Lloyd's Coffee-house, City, underwriter—Richard Robinson, King William-street, Strand, wine and spirit merchant—John and Joseph Cattley. William Thornhill, Leadenhall-street, City, upholsterer—George Warriner, Lloyd's Coffee-house, City, underwriter—Richard Robinson, King William-street, Strand, wine and spirit merchant—John and Joseph Cattley. William Thornhill, Leadenhall-street, City, upholsterer—George Warriner, Lloyd's Coffee-house, City, underwriter—Richard Robinson, King William-street, Strand, wine and spirit merchant—John and Joseph Cattley. William Thornhill, Leadenhall-street, City, upholsterer—George Warriner, Lloyd's Coffee-house, City, underwriter—Richard Robinson, King William-street, Strand, wine and spirit merchant—John and Joseph Cattley. William Thornhill, Leadenhall-street, City, upholsterer—George Warriner, Lloyd's Coffee-house, City, underwriter—Richard Robinson, King William-street, Strand, wine and spirit merchant—John and Joseph Cattley. William Thornhill, Leadenhall-street, City, upholsterer—George Warriner, Lloyd's Coffee-house, City, underwriter—Richard Robinson, King William-street, Strand, wine and spirit merchant—John and Joseph Cattley. William Thornhill, Leadenhall-street, City, upholsterer—George Warriner, Lloyd's Coffee-house, City, underwriter—Richard Robinson, King William-street, Strand, wine and spirit merchant—John and Joseph Cattley. William Thornhill, Leadenhall-street, City, upholsterer—George Warriner, Lloyd's Coffee-house, City, underwriter—Richard Robinson, King William-street, Strand, wine and spirit merchant—John and Joseph Cattley. William Thornhill, Leadenhall-street, City, upholsterer—George Warriner, Lloyd's Coffee-house, City, underwriter—Richard Robinson, King William-street, Strand, wine and spirit merchant—John and Joseph Cattley.
